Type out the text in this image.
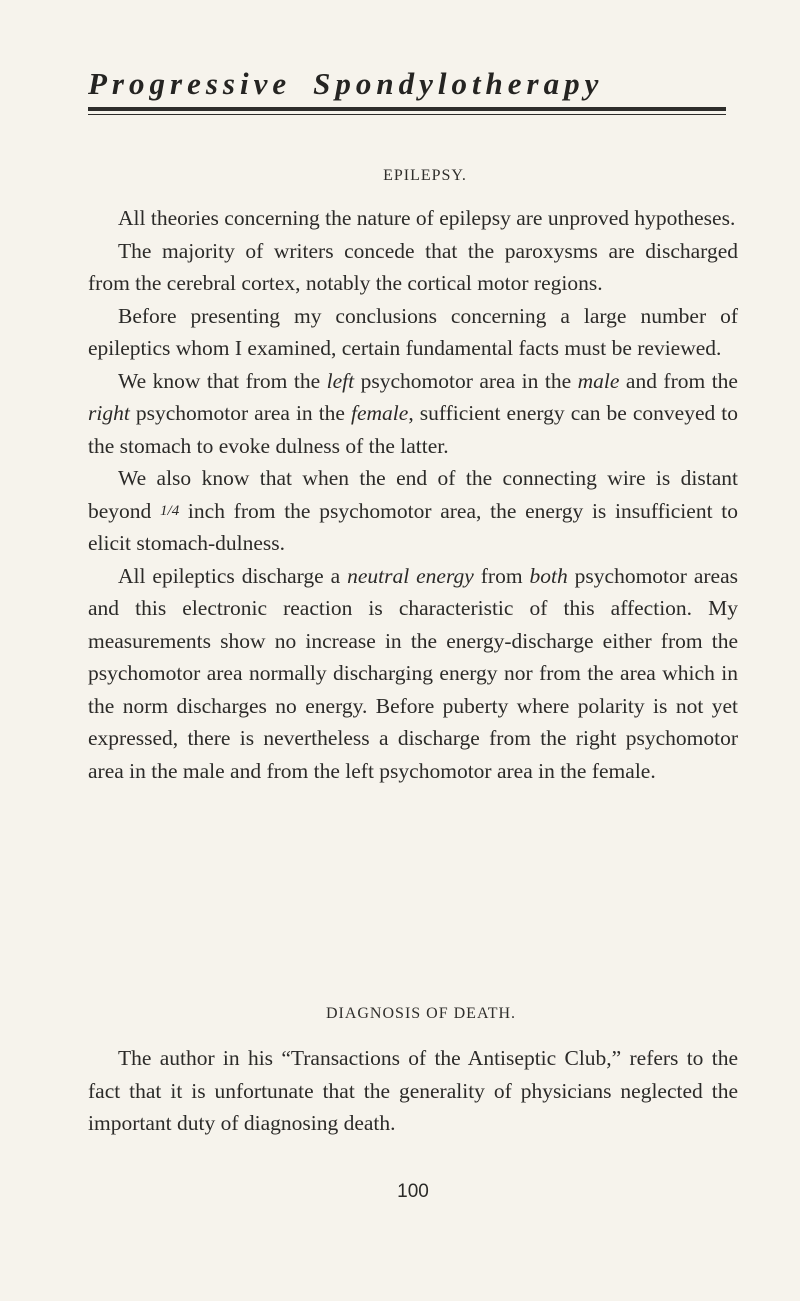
Progressive Spondylotherapy
EPILEPSY.

All theories concerning the nature of epilepsy are unproved hypotheses.

The majority of writers concede that the paroxysms are discharged from the cerebral cortex, notably the cortical motor regions.

Before presenting my conclusions concerning a large number of epileptics whom I examined, certain fundamental facts must be reviewed.

We know that from the left psychomotor area in the male and from the right psychomotor area in the female, sufficient energy can be conveyed to the stomach to evoke dulness of the latter.

We also know that when the end of the connecting wire is distant beyond 1/4 inch from the psychomotor area, the energy is insufficient to elicit stomach-dulness.

All epileptics discharge a neutral energy from both psychomotor areas and this electronic reaction is characteristic of this affection. My measurements show no increase in the energy-discharge either from the psychomotor area normally discharging energy nor from the area which in the norm discharges no energy. Before puberty where polarity is not yet expressed, there is nevertheless a discharge from the right psychomotor area in the male and from the left psychomotor area in the female.

DIAGNOSIS OF DEATH.

The author in his “Transactions of the Antiseptic Club,” refers to the fact that it is unfortunate that the generality of physicians neglected the important duty of diagnosing death.

100
